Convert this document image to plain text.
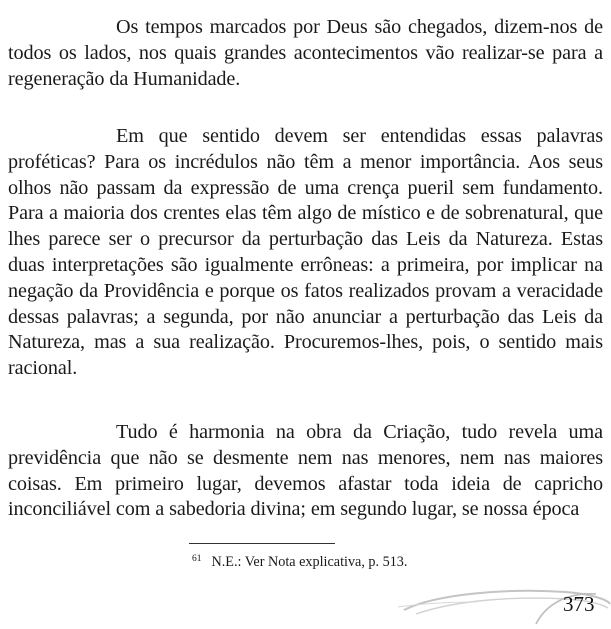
Os tempos marcados por Deus são chegados, dizem-nos de todos os lados, nos quais grandes acontecimentos vão realizar-se para a regeneração da Humanidade.

Em que sentido devem ser entendidas essas palavras proféticas? Para os incrédulos não têm a menor importância. Aos seus olhos não passam da expressão de uma crença pueril sem fundamento. Para a maioria dos crentes elas têm algo de místico e de sobrenatural, que lhes parece ser o precursor da perturbação das Leis da Natureza. Estas duas interpretações são igualmente errôneas: a primeira, por implicar na negação da Providência e porque os fatos realizados provam a veracidade dessas palavras; a segunda, por não anunciar a perturbação das Leis da Natureza, mas a sua realização. Procuremos-lhes, pois, o sentido mais racional.

Tudo é harmonia na obra da Criação, tudo revela uma previdência que não se desmente nem nas menores, nem nas maiores coisas. Em primeiro lugar, devemos afastar toda ideia de capricho inconciliável com a sabedoria divina; em segundo lugar, se nossa época

$^{61}$ N.E.: Ver Nota explicativa, p. 513.
373
